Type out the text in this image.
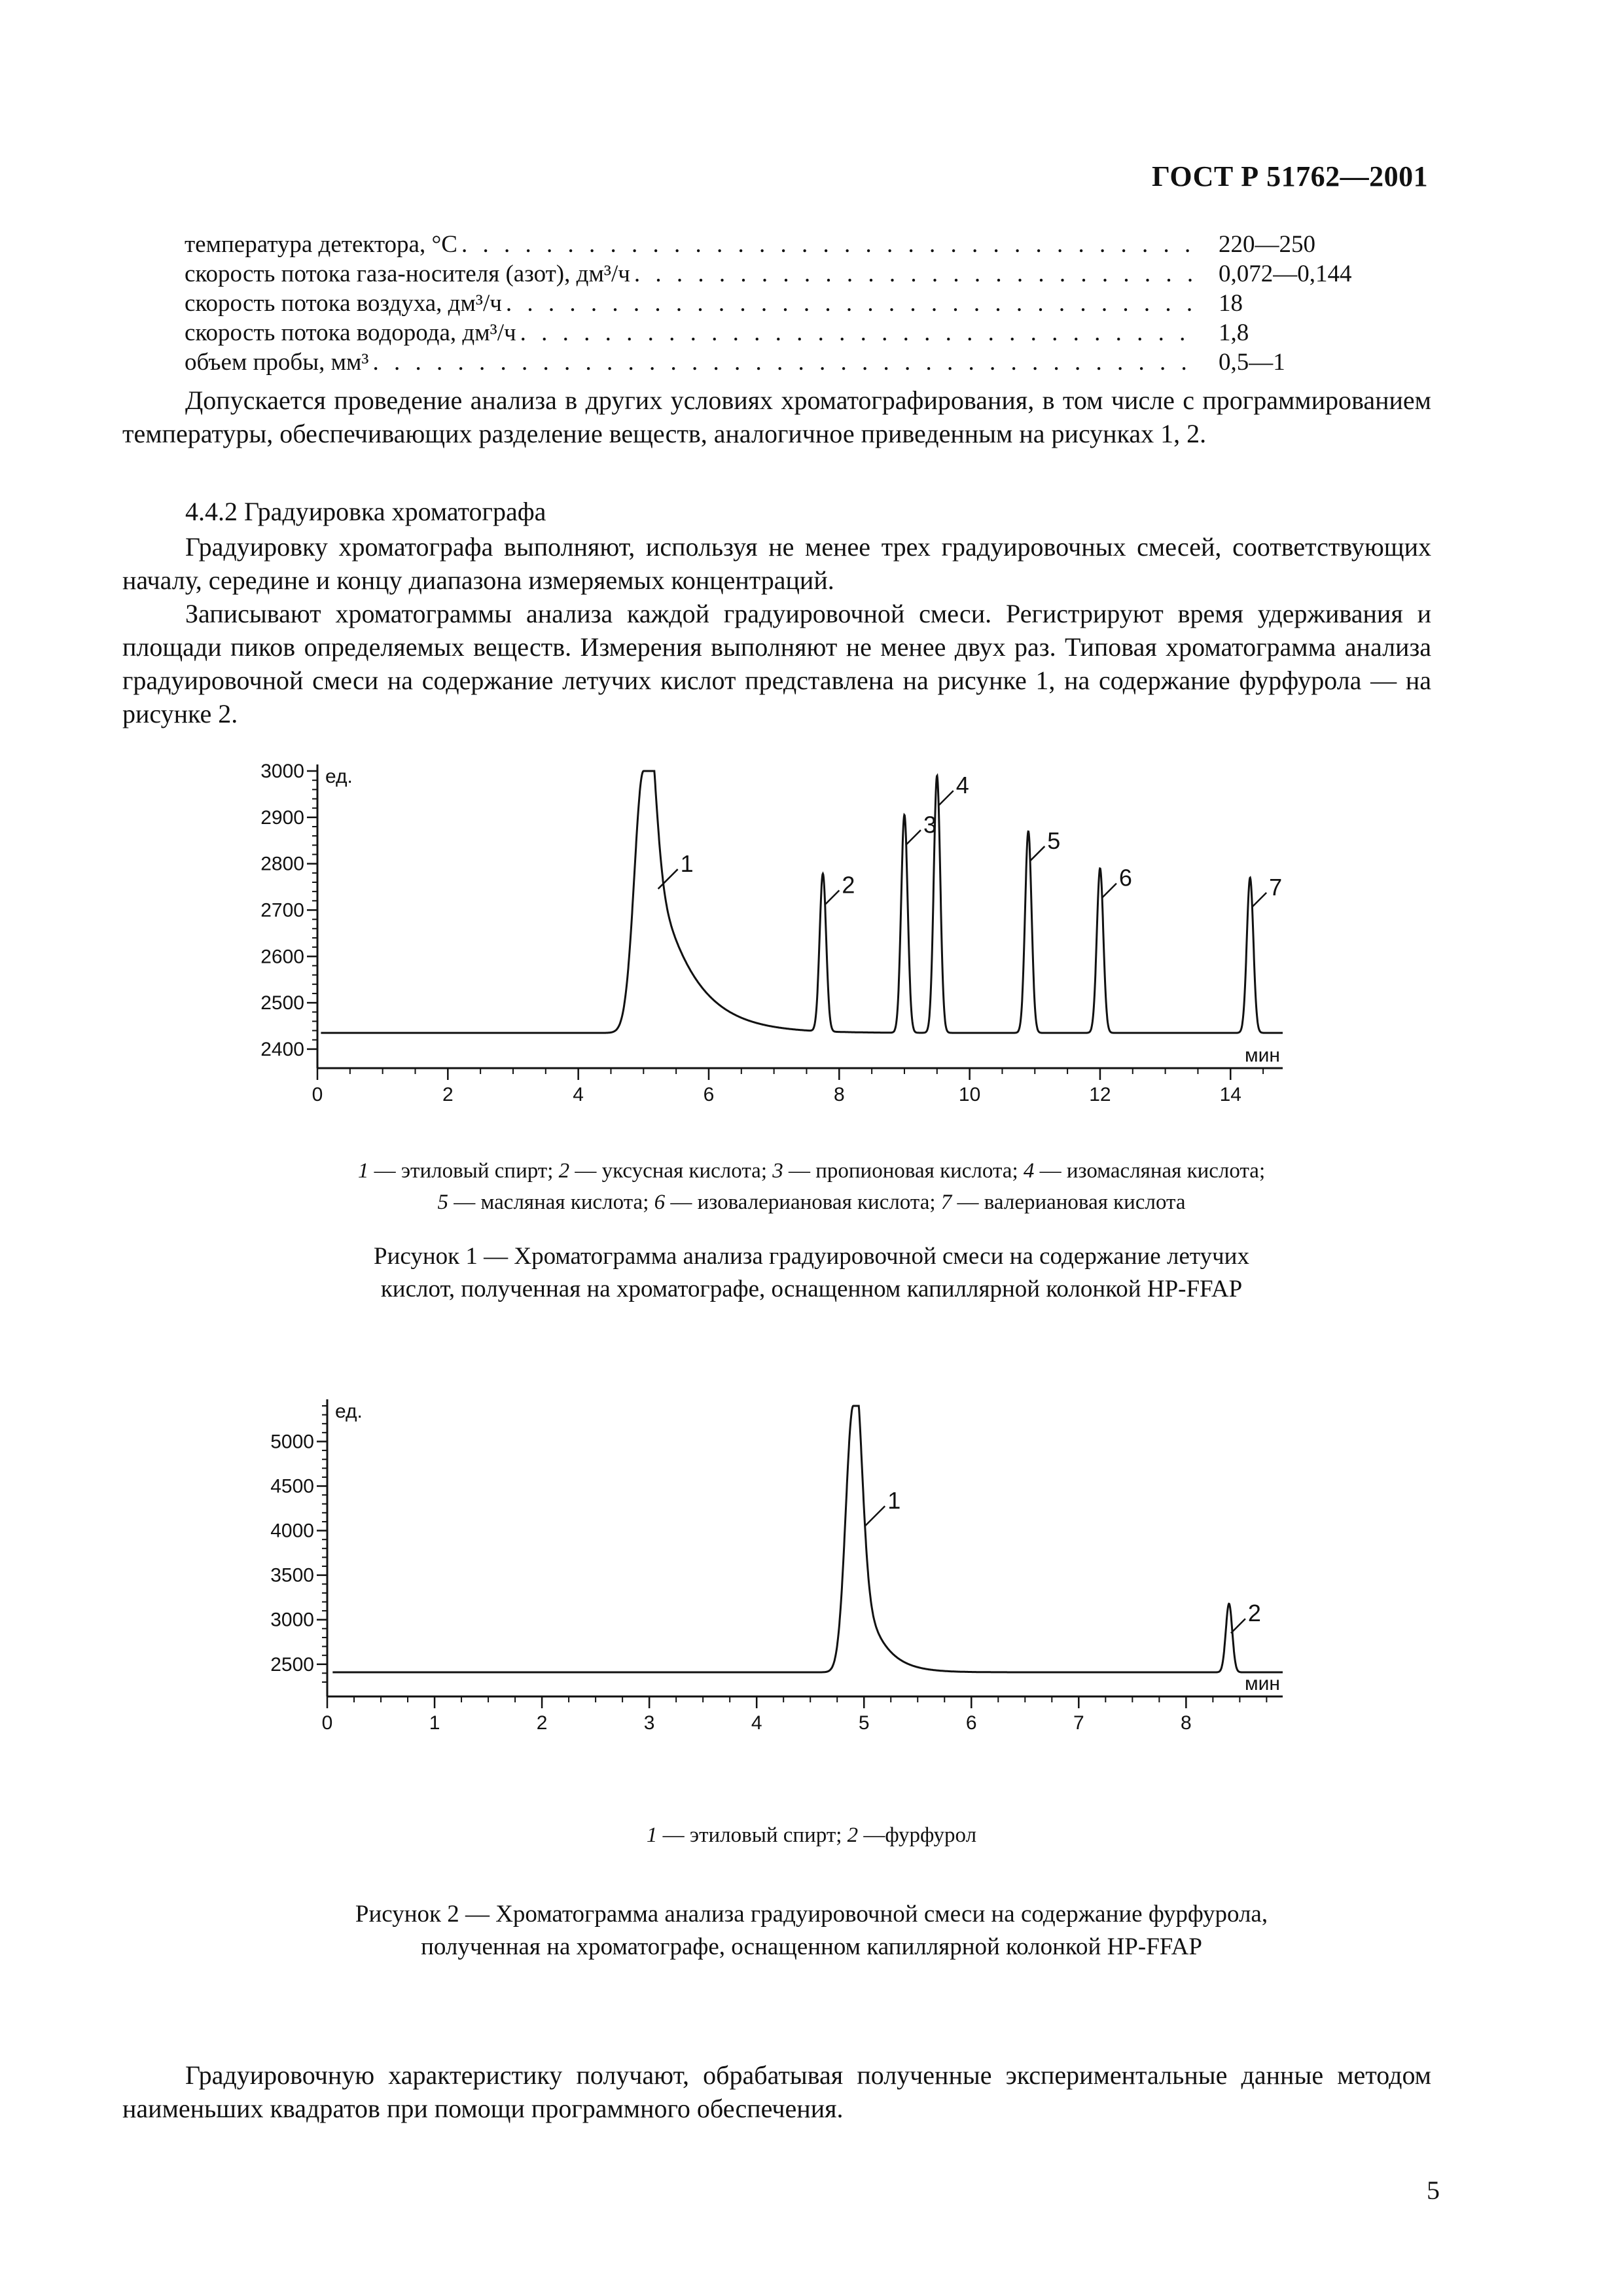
ГОСТ Р 51762—2001
температура детектора, °С . . .	220—250
скорость потока газа-носителя (азот), дм³/ч . . .	0,072—0,144
скорость потока воздуха, дм³/ч . . .	18
скорость потока водорода, дм³/ч . . .	1,8
объем пробы, мм³ . . .	0,5—1

Допускается проведение анализа в других условиях хроматографирования, в том числе с программированием температуры, обеспечивающих разделение веществ, аналогичное приведенным на рисунках 1, 2.

4.4.2 Градуировка хроматографа

Градуировку хроматографа выполняют, используя не менее трех градуировочных смесей, соответствующих началу, середине и концу диапазона измеряемых концентраций.

Записывают хроматограммы анализа каждой градуировочной смеси. Регистрируют время удерживания и площади пиков определяемых веществ. Измерения выполняют не менее двух раз. Типовая хроматограмма анализа градуировочной смеси на содержание летучих кислот представлена на рисунке 1, на содержание фурфурола — на рисунке 2.

0	2	4	6	8	10	12	14
2400
2500
2600
2700
2800
2900
3000 ед.
мин
1
2
3
4
5
6	7
1 — этиловый спирт; 2 — уксусная кислота; 3 — пропионовая кислота; 4 — изомасляная кислота;
5 — масляная кислота; 6 — изовалериановая кислота; 7 — валериановая кислота
Рисунок 1 — Хроматограмма анализа градуировочной смеси на содержание летучих
кислот, полученная на хроматографе, оснащенном капиллярной колонкой HP-FFAP
0	1	2	3	4	5	6	7	8
2500
3000
3500
4000
4500
5000
ед.
мин
1
2
1 — этиловый спирт; 2 —фурфурол
Рисунок 2 — Хроматограмма анализа градуировочной смеси на содержание фурфурола,
полученная на хроматографе, оснащенном капиллярной колонкой HP-FFAP

Градуировочную характеристику получают, обрабатывая полученные экспериментальные данные методом наименьших квадратов при помощи программного обеспечения.

5
